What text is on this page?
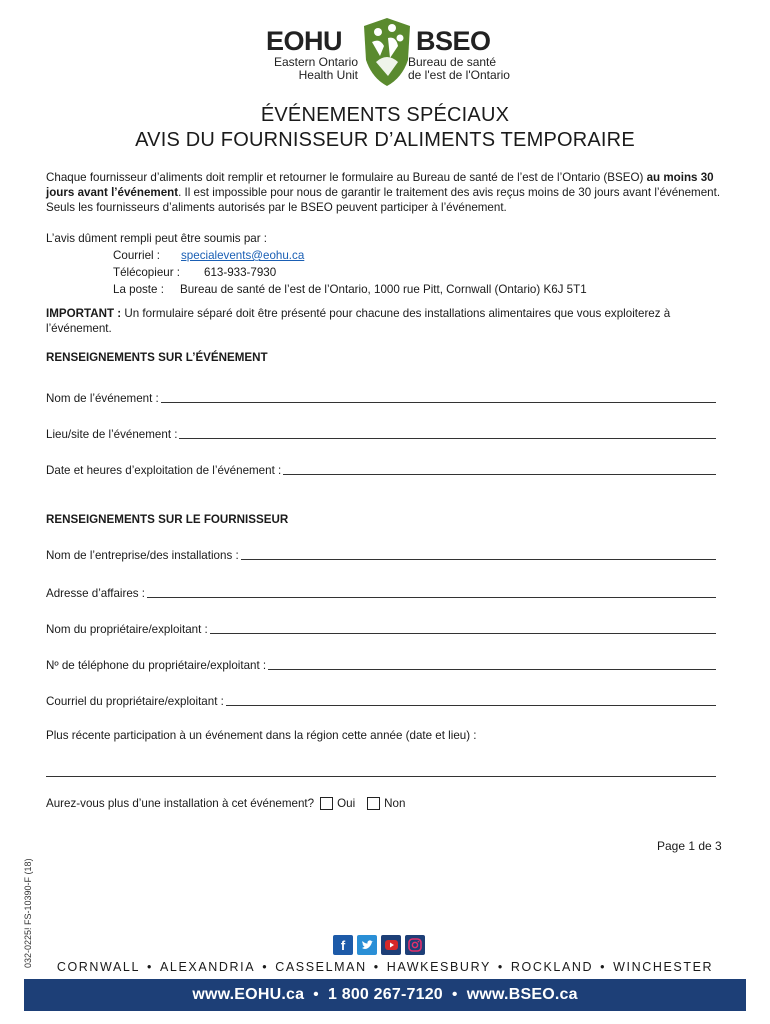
EOHU	BSEO
Eastern Ontario
Health Unit
Bureau de santé
de l'est de l'Ontario
ÉVÉNEMENTS SPÉCIAUX
AVIS DU FOURNISSEUR D’ALIMENTS TEMPORAIRE
Chaque fournisseur d’aliments doit remplir et retourner le formulaire au Bureau de santé de l’est de l’Ontario (BSEO) au moins 30 jours avant l’événement. Il est impossible pour nous de garantir le traitement des avis reçus moins de 30 jours avant l’événement. Seuls les fournisseurs d’aliments autorisés par le BSEO peuvent participer à l’événement.
L’avis dûment rempli peut être soumis par :
Courriel : specialevents@eohu.ca
Télécopieur : 613-933-7930
La poste : Bureau de santé de l’est de l’Ontario, 1000 rue Pitt, Cornwall (Ontario) K6J 5T1
IMPORTANT : Un formulaire séparé doit être présenté pour chacune des installations alimentaires que vous exploiterez à l’événement.
RENSEIGNEMENTS SUR L’ÉVÉNEMENT
Nom de l’événement :
Lieu/site de l’événement :
Date et heures d’exploitation de l’événement :
RENSEIGNEMENTS SUR LE FOURNISSEUR
Nom de l’entreprise/des installations :
Adresse d’affaires :
Nom du propriétaire/exploitant :
Nº de téléphone du propriétaire/exploitant :
Courriel du propriétaire/exploitant :
Plus récente participation à un événement dans la région cette année (date et lieu) :
Aurez-vous plus d’une installation à cet événement? Oui	Non
Page 1 de 3
032-0225! FS-10390-F (18)	f
CORNWALL • ALEXANDRIA • CASSELMAN • HAWKESBURY • ROCKLAND • WINCHESTER
www.EOHU.ca • 1 800 267-7120 • www.BSEO.ca
